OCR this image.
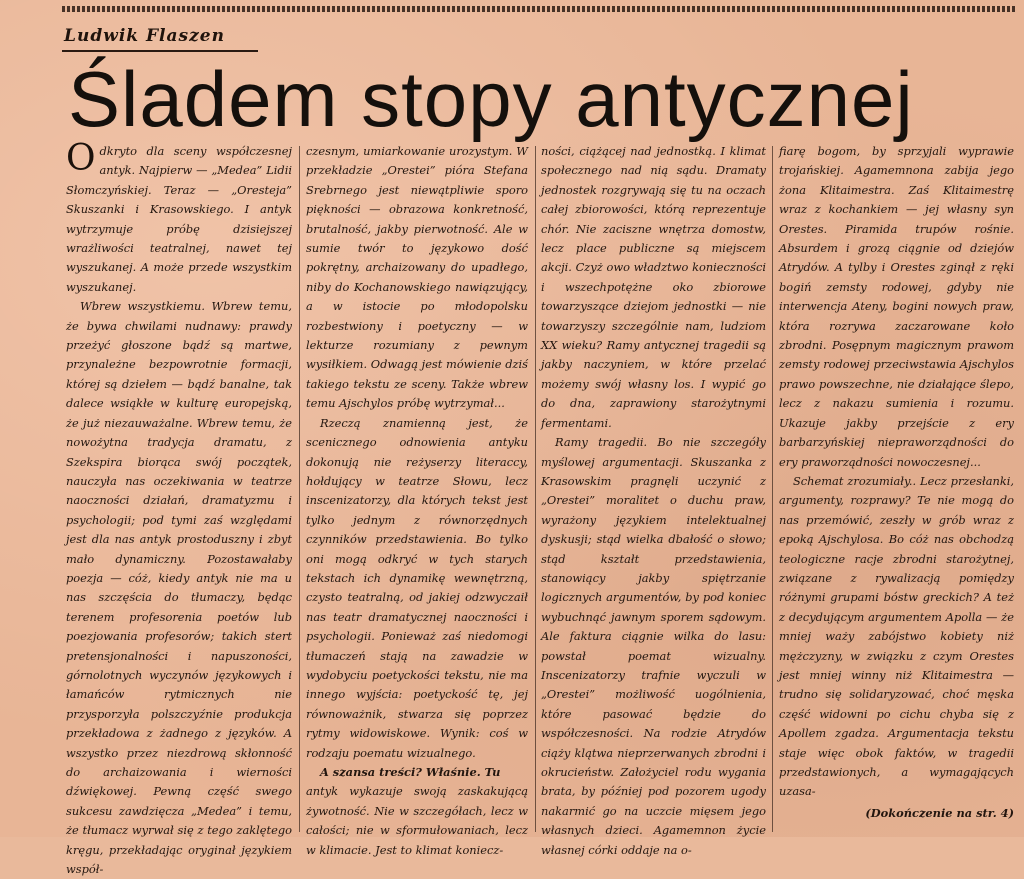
Ludwik Flaszen
Śladem stopy antycznej
O dkryto dla sceny współczesnej antyk. Najpierw — „Medea” Lidii Słomczyńskiej. Teraz — „Oresteja” Skuszanki i Krasowskiego. I antyk wytrzymuje próbę dzisiejszej wrażliwości teatralnej, nawet tej wyszukanej. A może przede wszystkim wyszukanej.

Wbrew wszystkiemu. Wbrew temu, że bywa chwilami nudnawy: prawdy przeżyć głoszone bądź są martwe, przynależne bezpowrotnie formacji, której są dziełem — bądź banalne, tak dalece wsiąkłe w kulturę europejską, że już niezauważalne. Wbrew temu, że nowożytna tradycja dramatu, z Szekspira biorąca swój początek, nauczyła nas oczekiwania w teatrze naoczności działań, dramatyzmu i psychologii; pod tymi zaś względami jest dla nas antyk prostoduszny i zbyt mało dynamiczny. Pozostawałaby poezja — cóż, kiedy antyk nie ma u nas szczęścia do tłumaczy, będąc terenem profesorenia poetów lub poezjowania profesorów; takich stert pretensjonalności i napuszoności, górnolotnych wyczynów językowych i łamańców rytmicznych nie przysporzyła polszczyźnie produkcja przekładowa z żadnego z języków. A wszystko przez niezdrową skłonność do archaizowania i wierności dźwiękowej. Pewną część swego sukcesu zawdzięcza „Medea” i temu, że tłumacz wyrwał się z tego zaklętego kręgu, przekładając oryginał językiem współ-

czesnym, umiarkowanie urozystym. W przekładzie „Orestei” pióra Stefana Srebrnego jest niewątpliwie sporo piękności — obrazowa konkretność, brutalność, jakby pierwotność. Ale w sumie twór to językowo dość pokrętny, archaizowany do upadłego, niby do Kochanowskiego nawiązujący, a w istocie po młodopolsku rozbestwiony i poetyczny — w lekturze rozumiany z pewnym wysiłkiem. Odwagą jest mówienie dziś takiego tekstu ze sceny. Także wbrew temu Ajschylos próbę wytrzymał...

Rzeczą znamienną jest, że scenicznego odnowienia antyku dokonują nie reżyserzy literaccy, hołdujący w teatrze Słowu, lecz inscenizatorzy, dla których tekst jest tylko jednym z równorzędnych czynników przedstawienia. Bo tylko oni mogą odkryć w tych starych tekstach ich dynamikę wewnętrzną, czysto teatralną, od jakiej odzwyczaił nas teatr dramatycznej naoczności i psychologii. Ponieważ zaś niedomogi tłumaczeń stają na zawadzie w wydobyciu poetyckości tekstu, nie ma innego wyjścia: poetyckość tę, jej równoważnik, stwarza się poprzez rytmy widowiskowe. Wynik: coś w rodzaju poematu wizualnego.

A szansa treści? Właśnie. Tu

antyk wykazuje swoją zaskakującą żywotność. Nie w szczegółach, lecz w całości; nie w sformułowaniach, lecz w klimacie. Jest to klimat koniecz-

ności, ciążącej nad jednostką. I klimat społecznego nad nią sądu. Dramaty jednostek rozgrywają się tu na oczach całej zbiorowości, którą reprezentuje chór. Nie zaciszne wnętrza domostw, lecz place publiczne są miejscem akcji. Czyż owo władztwo konieczności i wszechpotężne oko zbiorowe towarzyszące dziejom jednostki — nie towarzyszy szczególnie nam, ludziom XX wieku? Ramy antycznej tragedii są jakby naczyniem, w które przelać możemy swój własny los. I wypić go do dna, zaprawiony starożytnymi fermentami.

Ramy tragedii. Bo nie szczegóły myślowej argumentacji. Skuszanka z Krasowskim pragnęli uczynić z „Orestei” moralitet o duchu praw, wyrażony językiem intelektualnej dyskusji; stąd wielka dbałość o słowo; stąd kształt przedstawienia, stanowiący jakby spiętrzanie logicznych argumentów, by pod koniec wybuchnąć jawnym sporem sądowym. Ale faktura ciągnie wilka do lasu: powstał poemat wizualny. Inscenizatorzy trafnie wyczuli w „Orestei” możliwość uogólnienia, które pasować będzie do współczesności. Na rodzie Atrydów ciąży klątwa nieprzerwanych zbrodni i okrucieństw. Założyciel rodu wygania brata, by później pod pozorem ugody nakarmić go na uczcie mięsem jego własnych dzieci. Agamemnon życie własnej córki oddaje na o-

fiarę bogom, by sprzyjali wyprawie trojańskiej. Agamemnona zabija jego żona Klitaimestra. Zaś Klitaimestrę wraz z kochankiem — jej własny syn Orestes. Piramida trupów rośnie. Absurdem i grozą ciągnie od dziejów Atrydów. A tylby i Orestes zginął z ręki bogiń zemsty rodowej, gdyby nie interwencja Ateny, bogini nowych praw, która rozrywa zaczarowane koło zbrodni. Posępnym magicznym prawom zemsty rodowej przeciwstawia Ajschylos prawo powszechne, nie działające ślepo, lecz z nakazu sumienia i rozumu. Ukazuje jakby przejście z ery barbarzyńskiej niepraworządności do ery praworządności nowoczesnej...

Schemat zrozumiały.. Lecz przesłanki, argumenty, rozprawy? Te nie mogą do nas przemówić, zeszły w grób wraz z epoką Ajschylosa. Bo cóż nas obchodzą teologiczne racje zbrodni starożytnej, związane z rywalizacją pomiędzy różnymi grupami bóstw greckich? A też z decydującym argumentem Apolla — że mniej waży zabójstwo kobiety niż mężczyzny, w związku z czym Orestes jest mniej winny niż Klitaimestra — trudno się solidaryzować, choć męska część widowni po cichu chyba się z Apollem zgadza. Argumentacja tekstu staje więc obok faktów, w tragedii przedstawionych, a wymagających uzasa-

(Dokończenie na str. 4)
